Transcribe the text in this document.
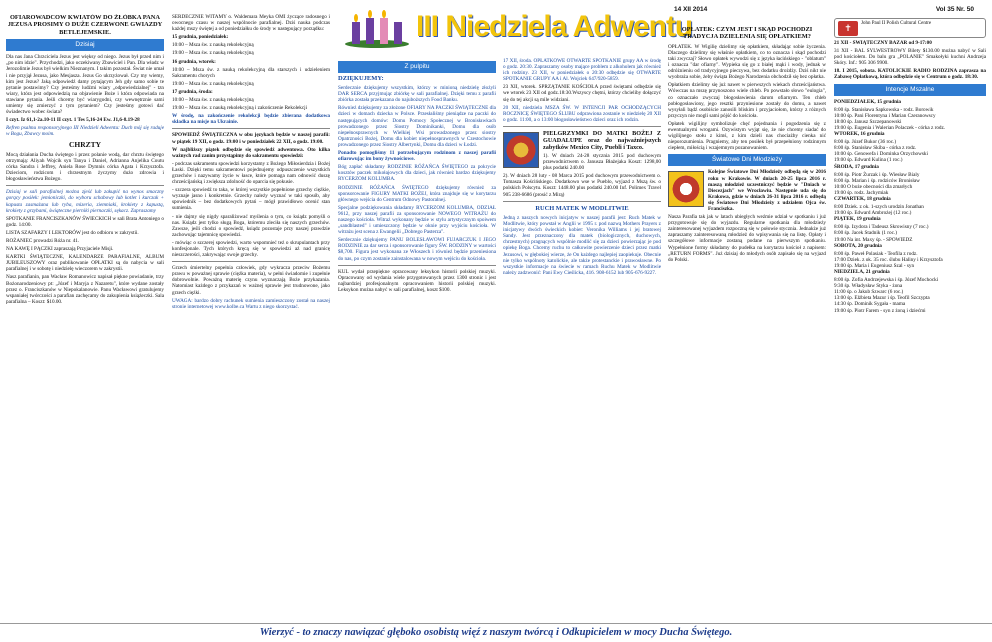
III Niedziela Adwentu
14 XII 2014	Vol 35 Nr. 50
OFIAROWADCOW KWIATÓW DO ŻŁÓBKA PANA JEZUSA PROSIMY O DUŻE CZERWONE GWIAZDY BETLEJEMSKIE.
Dzisiaj

Dla nas Jana Chrzciciela Jezus jest więksy od niego. Jezus był przed nim i „po nim idzie". Przychodzi, jako oczekiwany Zbawiciel i Pan. Dla władz w Jerozolimie Jezus był wielkim Nieznanym. I takim pozostał. Świat nie umał i nie przyjął Jezusa, jako Mesjasza. Jezus Go ukrzyżował. Czy my wiemy, kim jest Jezus? Jaką odpowiedź damy pytającym Jeh gdy samo sobie te pytanie postawimy? Czy jesteśmy ludźmi wiary „odpowiedzialnej" - tzn wiary, która jest odpowiedzią na objawienie Boże i która odpowiada na stawiane pytania. Jeśli chcemy być wiarygodni, czy wewnętrznie sami umiemy się zmierzyć z tym pytaniem? Czy jesteśmy gotowi dać świadectwo wobec świata?

I czyt. Iz 61,1-2a.10-11 II czyt. 1 Tes 5,16-24 Ew. J1,6-8.19-28

Refren psalmu responsoryjnego III Niedzieli Adwentu: Duch mój się raduje w Bogu, Zbawcy moim.

CHRZTY

Mocą działania Ducha świętego i przez polanie wodą, dar chrztu świętego otrzymają: Aliyah Wojcik syn Tanya i Daniel, Adrianna Anjelika Coutu córka Sandra i Jeffrey, Aniela Rose Dymnis córka Agata i Krzysztofa. Dzieciom, rodzicom i chrzestnym życzymy dużo zdrowia i błogosławieństwa Bożego.

Dzisiaj w sali parafialnej można zjeść lub zakupić na wynos smaczny gorący posiłek: jemioniczki, do wyboru schabowy lub kotlet i kurczak + kapusta zasmażana lub ryba, mizeria, ziemniaki, krokiety z kapustą, krokiety z grzybami, świąteczne pierniki piernaczki, sękacz. Zapraszamy

SPOTKANIE FRANCISZKANÓW ŚWIECKICH w sali Brata Antoniego o godz. 14:00.

LISTA SZAFARZY I LEKTORÓW jest do odbioru w zakrystii.

ROŻANIEC prowadzi Róża nr. 41.

NA KAWĘ I PĄCZKI zapraszają Przyjaciele Misji.

KARTKI ŚWIĄTECZNE, KALENDARZE PARAFIALNE, ALBUM JUBILEUSZOWY oraz publikowanie OPŁATKI są do nabycia w sali parafialnej i w sobotę i niedzielę wieczorem w zakrystii.

Nasz parafianin, pan Wacław Romanowicz napisał piękne powiadanie, trzy Bożonarodzeniowy pt: „Józef i Maryja z Nazaretu", które wydane zostały przez o. Franciszkanów w Niepokalanowie. Panu Wacławowi gratulujemy wspaniałej twórczości a parafian zachęcamy do zakupienia książeczki. Sala parafialna – Koszt: $10.00.

SERDECZNIE WITAMY o. Waldemara Meyka OMI życzące radosnego i owocnego czasu w naszej wspólnocie parafialnej. Dziś nauka podczas każdej mszy świętej a od poniedziałku do środy w następujący porządku:

15 grudnia, poniedziałek:

10:00 – Msza św. z nauką rekolekcyjną

19:00 – Msza św. z nauką rekolekcyjną

16 grudnia, wtorek:

10:00 – Msza św. z nauką rekolekcyjną dla starszych i udzieleniem Sakramentu chorych

19:00 – Msza św. z nauką rekolekcyjną

17 grudnia, środa:

10:00 – Msza św. z nauką rekolekcyjną

19:00 – Msza św. z nauką rekolekcyjną i zakończenie Rekolekcji

W środę, na zakończenie rekolekcji będzie zbierana dodatkowa składka na misje na Ukrainie.

SPOWIEDŹ ŚWIĄTECZNA w obu językach będzie w naszej parafii: w piątek 19 XII, o godz. 19:00 i w poniedziałek 22 XII, o godz. 19:00.

W najbliższy piątek odbędzie się spowiedź adwentowa. Oto kilka ważnych rad zanim przystąpimy do sakramentu spowiedzi:

- podczas sakramentu spowiedzi korzystamy z Bożego Miłosierdzia i Bożej Łaski. Dzięki temu sakramentowi pojednujemy odpuszczenie wszystkich grzechów i nazywamy życie w łasce, które pomaga nam odnowić duszę chrześcijańską i zwiększa zdolność do oparcia się pokusie.

- szczera spowiedź to taka, w której wszystkie popełnione grzechy ciężkie, wyznaje jasno i konkretnie. Grzechy należy wyznać w taki sposób, aby spowiednik – bez dodatkowych pytań – mógł prawidłowo ocenić stan sumienia.

- nie dajmy się nigdy sparaliżować myślenia o tym, co ksiądz pomyśli o nas. Ksiądz jest tylko sługą Boga, któremu zleciła się naszych grzechów. Zawsze, jeśli chodzi o spowiedź, ksiądz pozostaje przy naszej prawdzie zachowując tajemnicę spowiedzi.

- mówiąc o szczerej spowiedzi, warto wspomnieć też o skrupulantach przy konfesjonale. Tych których kręcą się w spowiedzi aż nad granicę nieszczerości, zakrywając swoje grzechy.

Grzech śmiertelny popełnia człowiek, gdy wykracza przeciw Bożemu prawu w poważnej sprawie (ciężka materia), w pełni świadomie i zupełnie dobrowolnie. Poważną materię czynu wyznaczają Boże przykazania. Natomiast każdego z przykazań w ważnej sprawie jest trudnowone, jako grzech ciężki.

UWAGA: bardzo dobry rachunek sumienia zamieszczony został na naszej stronie internetowej www.kolbe.ca Wartu z niego skorzystać.

Z pulpitu

DZIĘKUJEMY:

Serdecznie dziękujemy wszystkim, którzy w minioną niedzielę złożyli DAR SERCA przyjmując zbiórkę w sali parafialnej. Dzięki temu z parafii zbiórka została przekazana do najuboższych Food Banku.

Również dziękujemy za złożone OFIARY NA PACZKI ŚWIĄTECZNE dla dzieci w domach dziecka w Polsce. Przesłaliśmy pieniądze na paczki do następujących domów: Domu Pomocy Społecznej w Bronisławkach prowadzonego przez Siostry Dominikanki, Domu dla osób niepełnosprawnych w Wielkiej Wsi prowadzonego przez siostry Opatrzności Bożej, Domu dla kobiet niepełnosprawnych w Czestochowie prowadzonego przez Siostry Albertynki, Domu dla dzieci w Łodzi.

Ponadto pomogliśmy 11 potrzebującym rodzinom z naszej parafii ofiarowując im bony żywnościowe.

Bóg zapłać składamy RODZINIE RÓŻAŃCA ŚWIĘTEGO za pokrycie kosztów paczek mikołajowych dla dzieci, jak również bardzo dziękujemy RYCERZOM KOLUMBA.

RODZINIE RÓŻAŃCA ŚWIĘTEGO dziękujemy również za sponsorowanie FIGURY MATKI BOŻEJ, która znajduje się w korytarzu głównego wejścia do Centrum Odnowy Pastoralnej.

Specjalne podziękowania składamy RYCERZOM KOLUMBA, ODZIAŁ 9612, przy naszej parafii za sponsorowanie NOWEGO WITRAŻU do naszego kościoła. Witraż wykonany będzie w stylu artystycznym spoiwem „sandblasted" i umieszczony będzie w oknie przy wyjściu kościoła. W witrażu jest scena z Ewangelii „Dobrego Pasterza".

Serdecznie dziękujemy PANU BOLESŁAWOWI FUJARCZUK I JEGO RODZINIE za dar serca i sponsorowanie figury ŚW. RODZINY w wartości $8,700. Figura jest wykonana ze Włoszech i również będzie przeniesiona do nas, po czym zostanie zainstalowana w nowym wejściu do kościoła.

KUL wydał przepiękne opracowany leksykon historii polskiej muzyki. Opracowany od wydania wiele przygotowanych przez 1300 stronic i jest najbardziej profesjonalnym opracowaniem historii polskiej muzyki. Leksykon można nabyć w sali parafialnej, koszt $100.

17 XII, środa. OPŁATKOWE OTWARTE SPOTKANIE grupy AA w środę o godz. 20:30. Zapraszamy osoby mające problem z alkoholem jak również ich rodziny. 23 XII, w poniedziałek o 20:30 odbędzie się OTWARTE SPOTKANIE GRUPY AA i Al. Wojciek 647/920-5859.

23 XII, wtorek. SPRZĄTANIE KOŚCIOŁA przed świętami odbędzie się we wtorek 23 XII od godz.18:30.Wszyscy chętni, którzy chcieliby dołączyć się do tej akcji są mile widziani.

20 XII, niedziela MSZA ŚW. W INTENCJI PAR OCHODZĄCYCH ROCZNICĘ ŚWIĘTEGO ŚLUBU odprawiona zostanie w niedzielę 20 XII o godz. 11:00, a o 13:00 błogosławieństwo dzieci oraz ich rodzin.

PIELGRZYMKI DO MATKI BOŻEJ Z GUADALUPE oraz do najważniejszych zabytków Mexico City, Puebli i Taxco.

1). W dniach 24-28 stycznia 2015 pod duchowym przewodnictwem o. Janusza Błażejaka Koszt: 1298,00 plus podatki 240.00

2). W dniach 28 luty - 08 Marca 2015 pod duchowym przewodnictwem o. Tomasza Kościńskiego. Dodatkowo wse w Pueblo, wyjazd z Mszą św. o polskich Polscytu. Koszt: 1448.00 plus podatki 240.00 Inf. Polimex Travel 905 238-6686 (prosić z Mirą)

RUCH MATEK W MODLITWIE

Jedną z naszych nowych inicjatyw w naszej parafii jest: Ruch Matek w Modlitwie, który powstał w Anglii w 1995 r. pod nazwą Mothers Prayers z inicjatywy dwóch świeckich kobiet: Veronika Williams i jej bratowej Sandy. Jest przeznaczony dla matek (biologicznych, duchowych, chrzestnych) pragnących wspólnie modlić się za dzieci powierzając je pod opiekę Boga. Chcemy ruchu to całkowite powierzenie dzieci przez matki Jezusowi, w głębokiej wierze, że On każdego najlepiej zaopiekuje. Obecnie nie tylko wspólnoty katolickie, ale także protestanckie i prawosławne. Po wszystkie informacje na świecie w ramach Ruchu Matek w Modlitwie należy zadzwonić: Pani Ewy Cieślicka, 416. 908-6152 lub 905-676-9227.

OPŁATEK: CZYM JEST I SKĄD POCHODZI TRADYCJA DZIELENIA SIĘ OPŁATKIEM?

OPŁATEK. W Wigilię dzielimy się opłatkiem, składając sobie życzenia. Dlaczego dzielimy się właśnie opłatkiem, co to oznacza i skąd pochodzi taki zwyczaj? Słowo opłatek wywodzi się z języka łacińskiego - "oblatum" i oznacza "dar ofiarny". Wypieka się go z białej mąki i wody, jednak w odróżnieniu od tradycyjnego pieczywa, bez dodatku drożdży. Dziś nikt nie wyobraża sobie, żeby świąta Bożego Narodzenia obchodził się bez opłatka.

Opłatkiem dzielimy się już nawet w pierwszych wiekach chrześcijaństwa. Wówczas na mszę przynoszono wiele chleb. Po powstało słowo "eulogia", co oznaczało zwyczaj błogosławienia darom ofiarnym. Ten chleb pobłogosławiony, jego resztki przyniesione zostały do domu, a nawet wysyłali bądź osobiście zanosili bliskim i przyjaciołom, którzy z różnych przyczyn nie mogli sami pójść do kościoła.

Opłatek wigilijny symbolizuje chęć pojednania i pogodzenia się z ewentualnymi wrogami. Ozywistym wyjąt się, że nie chcemy siadać do wigilijnego stołu z kimś, z kim dzieli nas chociażby cienka nić nieporozumienia. Pragniemy, aby ten posiłek był przepełniony rodzinnym ciepłem, miłością i wzajemnym pozanowaniem.

Światowe Dni Młodzieży

Kolejne Światowe Dni Młodzieży odbędą się w 2016 roku w Krakowie. W dniach 20-25 lipca 2016 r. maszą młodzież uczestniczyć będzie w "Dniach w Diecezjach" we Wrocławiu. Następnie uda się do Krakowa, gdzie w dniach 26-31 lipca 2016 r. odbędą się Światowe Dni Młodzieży z udziałem Ojca św. Franciszka.

Nasza Parafia tak jak w latach ubiegłych weźmie udział w spotkaniu i już przygotowuje się do wyjazdu. Regularne spotkania dla młodzieży zainteresowanej wyjazdem rozpoczną się w połowie stycznia. Jednakże już zapraszamy zainteresowaną młodzież do wpisywania się na listę. Opłaty i szczegółowe informacje zostaną podane na pierwszym spotkaniu. Wypełnione formy składamy do pudełka na korytarzu kościoł z napisem: „RETURN FORMS". Już dzisiaj do młodych osób zapisało się na wyjazd do Polski.

✝	John Paul II Polish Cultural Centre

21 XII - ŚWIĄTECZNY BAZAR od 9-17:00

31 XII - BAL SYLWESTROWY Bilety $130.00 można nabyć w Sali pod kościołem. Do balu gra „POLANIE" Smakołyki kuchni Andrzeja Skóry. Inf.: 905 306 9900.

18. I 2015, sobota. KATOLICKIE RADIO RODZINA zaprasza na Zabawę Opłatkową, która odbędzie się w Centrum o godz. 18:30.

Intencje Mszalne

PONIEDZIAŁEK, 15 grudnia

8:00 śp. Stanisława Sapkowska - rodz. Borowik

10:00 śp. Pani Florentyna i Marian Czeranowscy

18:00 śp. Janusz Szczepanowski

19:00 śp. Eugenia i Walerian Polaczek - córka z rodz.

WTOREK, 16 grudnia

8:00 śp. Józef Bukor (36 roc.)

8:00 śp. Stanisław Skiba - córka z rodz.

10:00 śp. Genowefa i Dominka Orzychowski

19:00 śp. Edward Kulina (1 roc.)

ŚRODA, 17 grudnia

8:00 śp. Piotr Żurzak i śp. Wiesław Bialy

8:00 śp. Marian i śp. rodziców Bronisław

10:00 O boże obecności dla zmarłych

19:00 śp. rodz. Jachymiak

CZWARTEK, 18 grudnia

8:00 Dziek. z ok. 1-szych urodzin Jonathan

19:00 śp. Edward Ambrożej (12 roc.)

PIĄTEK, 19 grudnia

8:00 śp. Izydora i Tadeusz Skrowisny (7 roc.)

8:00 śp. Jacek Stadnik (1 roc.)

19:00 Na int. Maxy śp. - SPOWIEDZ

SOBOTA, 20 grudnia

8:00 śp. Paweł Polasiak - Teofila z rodz.

17:00 Dziek. z ok. 35 roc. ślubu Haliny i Krzysztofa

19:00 śp. Maria i Eugeniusz Szal - syn

NIEDZIELA, 21 grudnia

8:00 śp. Zofia Andrzejewska i śp. Józef Mochocki

9:30 śp. Władysław Styka - żona

11:00 śp. o Jakub Szwarc (6 roc.)

13:00 śp. Elżbieta Mazur i śp. Teofil Szczypta

14:30 śp. Dominik Sygała - mama

19:00 śp. Piotr Farem - syn z żoną i dziećmi

Wierzyć - to znaczy nawiązać głęboko osobistą więź z naszym twórcą i Odkupicielem w mocy Ducha Świętego.
